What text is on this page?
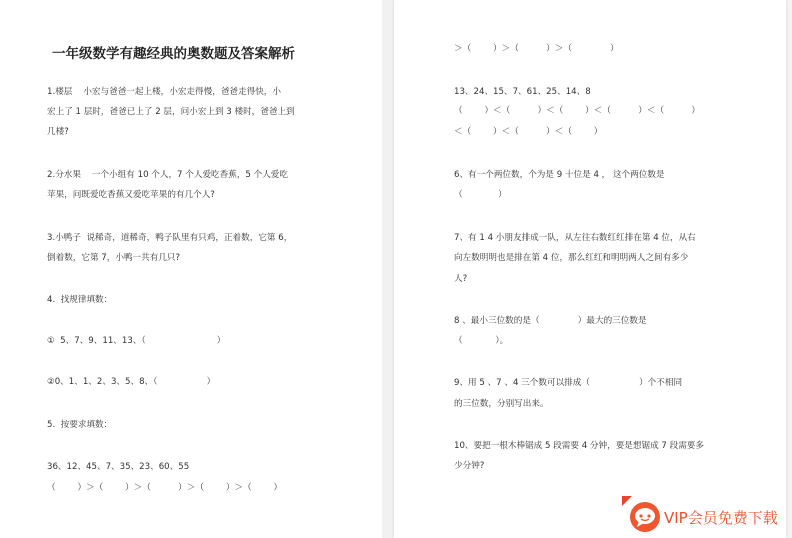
一年级数学有趣经典的奥数题及答案解析
1.楼层    小宏与爸爸一起上楼，小宏走得慢，爸爸走得快，小
宏上了 1 层时，爸爸已上了 2 层，问小宏上到 3 楼时，爸爸上到
几楼?
2.分水果    一个小组有 10 个人，7 个人爱吃香蕉，5 个人爱吃
苹果，问既爱吃香蕉又爱吃苹果的有几个人?
3.小鸭子  说稀奇，道稀奇，鸭子队里有只鸡，正着数，它第 6，
倒着数，它第 7，小鸭一共有几只?
4.  找规律填数：
①  5、7、9、11、13、（                          ）
②0、1、1、2、3、5、8、（                  ）
5.  按要求填数：
36、12、45、7、35、23、60、55
（        ）＞（        ）＞（          ）＞（        ）＞（        ）
＞（        ）＞（          ）＞（              ）
13、24、15、7、61、25、14、8
（        ）＜（          ）＜（        ）＜（          ）＜（          ）
＜（        ）＜（          ）＜（        ）
6、有一个两位数，个为是 9 十位是 4 ， 这个两位数是
（             ）
7、有 1 4 小朋友排成一队，从左往右数红红排在第 4 位，从右
向左数明明也是排在第 4 位，那么红红和明明两人之间有多少
人?
8 、最小三位数的是（              ）最大的三位数是
（            ）。
9、用 5 、7 、4 三个数可以排成（                  ）个不相同
的三位数，分别写出来。
10、要把一根木棒锯成 5 段需要 4 分钟，要是想锯成 7 段需要多
少分钟?
VIP会员免费下载
